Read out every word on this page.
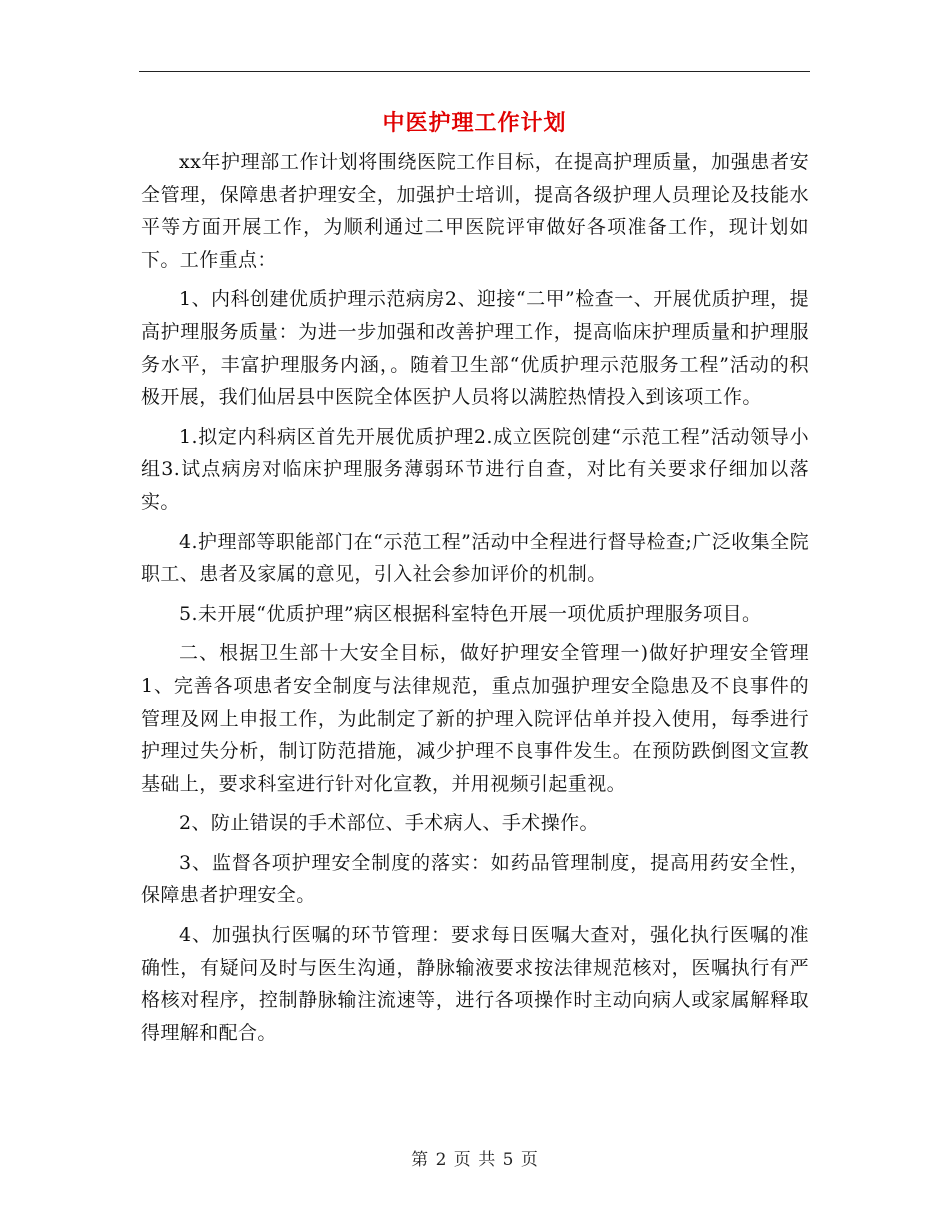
中医护理工作计划

xx年护理部工作计划将围绕医院工作目标，在提高护理质量，加强患者安全管理，保障患者护理安全，加强护士培训，提高各级护理人员理论及技能水平等方面开展工作，为顺利通过二甲医院评审做好各项准备工作，现计划如下。工作重点：

1、内科创建优质护理示范病房2、迎接“二甲”检查一、开展优质护理，提高护理服务质量：为进一步加强和改善护理工作，提高临床护理质量和护理服务水平，丰富护理服务内涵，。随着卫生部“优质护理示范服务工程”活动的积极开展，我们仙居县中医院全体医护人员将以满腔热情投入到该项工作。

1.拟定内科病区首先开展优质护理2.成立医院创建“示范工程”活动领导小组3.试点病房对临床护理服务薄弱环节进行自查，对比有关要求仔细加以落实。

4.护理部等职能部门在“示范工程”活动中全程进行督导检查;广泛收集全院职工、患者及家属的意见，引入社会参加评价的机制。

5.未开展“优质护理”病区根据科室特色开展一项优质护理服务项目。

二、根据卫生部十大安全目标，做好护理安全管理一)做好护理安全管理1、完善各项患者安全制度与法律规范，重点加强护理安全隐患及不良事件的管理及网上申报工作，为此制定了新的护理入院评估单并投入使用，每季进行护理过失分析，制订防范措施，减少护理不良事件发生。在预防跌倒图文宣教基础上，要求科室进行针对化宣教，并用视频引起重视。

2、防止错误的手术部位、手术病人、手术操作。

3、监督各项护理安全制度的落实：如药品管理制度，提高用药安全性，保障患者护理安全。

4、加强执行医嘱的环节管理：要求每日医嘱大查对，强化执行医嘱的准确性，有疑问及时与医生沟通，静脉输液要求按法律规范核对，医嘱执行有严格核对程序，控制静脉输注流速等，进行各项操作时主动向病人或家属解释取得理解和配合。

第 2 页 共 5 页
